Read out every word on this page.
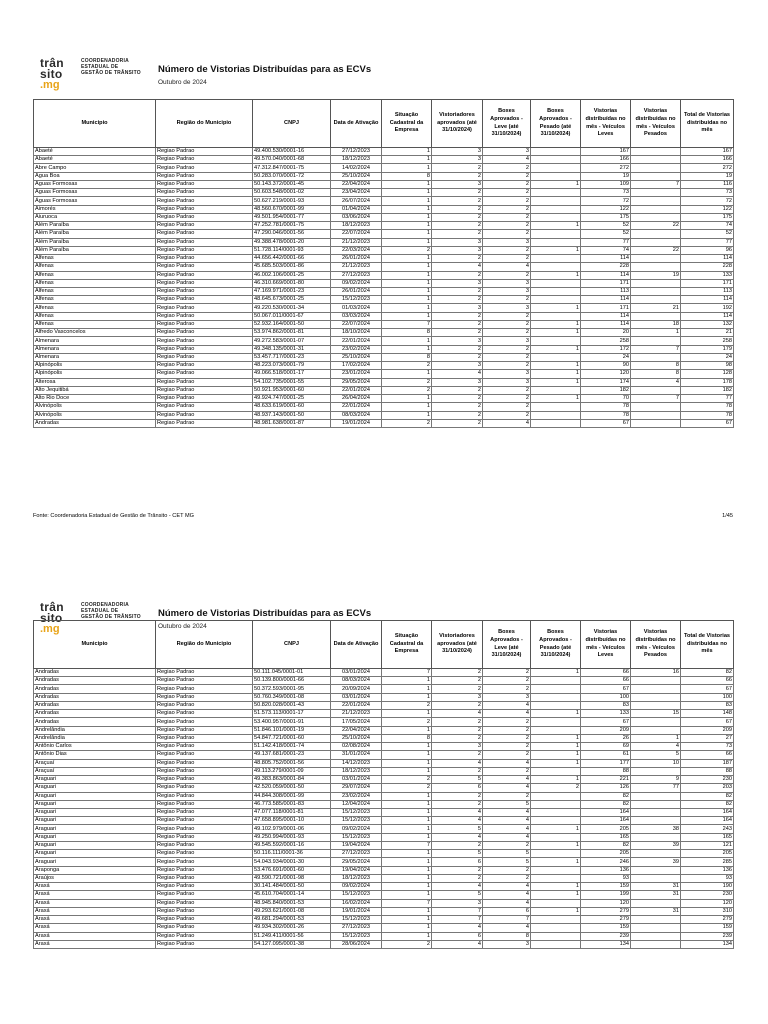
trân
sito
.mg
COORDENADORIA
ESTADUAL DE
GESTÃO DE TRÂNSITO Número de Vistorias Distribuídas para as ECVs
Outubro de 2024
Municipio	Região do Municipio	CNPJ	Data de Ativação	Situação Cadastral da Empresa	Vistoriadores aprovados (até 31/10/2024)	Boxes Aprovados - Leve (até 31/10/2024)	Boxes Aprovados - Pesado (até 31/10/2024)	Vistorias distribuídas no mês - Veículos Leves	Vistorias distribuidas no mês - Veículos Pesados	Total de Vistorias distribuidas no mês
Abaeté	Regiao Padrao	49.400.530/0001-16	27/12/2023	1	3	3		167		167
Abaeté	Regiao Padrao	49.570.040/0001-68	18/12/2023	1	3	4		166		166
Abre Campo	Regiao Padrao	47.312.847/0001-75	14/02/2024	1	2	2		272		272
Água Boa	Regiao Padrao	50.283.070/0001-72	25/10/2024	8	2	2		19		19
Águas Formosas	Regiao Padrao	50.143.372/0001-45	22/04/2024	1	3	2	1	109	7	116
Águas Formosas	Regiao Padrao	50.603.548/0001-02	23/04/2024	1	2	2		73		73
Águas Formosas	Regiao Padrao	50.627.219/0001-93	26/07/2024	1	2	2		72		72
Aimorés	Regiao Padrao	48.560.670/0001-99	01/04/2024	1	2	2		122		122
Aiuruoca	Regiao Padrao	49.501.954/0001-77	03/06/2024	1	2	2		175		175
Além Paraíba	Regiao Padrao	47.252.781/0001-75	18/12/2023	1	2	2	1	52	22	74
Além Paraíba	Regiao Padrao	47.290.046/0001-56	22/07/2024	1	2	2		52		52
Além Paraíba	Regiao Padrao	49.388.478/0001-20	21/12/2023	1	3	3		77		77
Além Paraíba	Regiao Padrao	51.728.114/0001-93	22/03/2024	2	3	2	1	74	22	96
Alfenas	Regiao Padrao	44.656.442/0001-66	26/01/2024	1	2	2		114		114
Alfenas	Regiao Padrao	45.685.503/0001-86	21/12/2023	1	4	4		228		228
Alfenas	Regiao Padrao	46.002.106/0001-25	27/12/2023	1	2	2	1	114	19	133
Alfenas	Regiao Padrao	46.310.669/0001-80	09/02/2024	1	3	3		171		171
Alfenas	Regiao Padrao	47.169.971/0001-23	26/01/2024	1	2	3		113		113
Alfenas	Regiao Padrao	48.645.673/0001-25	15/12/2023	1	2	2		114		114
Alfenas	Regiao Padrao	49.220.530/0001-34	01/03/2024	1	3	3	1	171	21	192
Alfenas	Regiao Padrao	50.067.011/0001-67	03/03/2024	1	2	2		114		114
Alfenas	Regiao Padrao	52.932.164/0001-50	22/07/2024	7	2	2	1	114	18	132
Alfredo Vasconcelos	Regiao Padrao	53.974.862/0001-81	18/10/2024	8	2	2	1	20	1	21
Almenara	Regiao Padrao	49.272.583/0001-07	22/01/2024	1	3	3		258		258
Almenara	Regiao Padrao	49.348.135/0001-31	23/02/2024	1	2	2	1	172	7	179
Almenara	Regiao Padrao	53.457.717/0001-23	25/10/2024	8	2	2		24		24
Alpinópolis	Regiao Padrao	48.223.073/0001-79	17/02/2024	2	3	2	1	90	8	98
Alpinópolis	Regiao Padrao	49.066.518/0001-17	23/01/2024	1	4	3	1	120	8	128
Alterosa	Regiao Padrao	54.102.735/0001-55	29/05/2024	2	3	3	1	174	4	178
Alto Jequitibá	Regiao Padrao	50.921.953/0001-60	22/01/2024	2	2	2		182		182
Alto Rio Doce	Regiao Padrao	49.924.747/0001-25	26/04/2024	1	2	2	1	70	7	77
Alvinópolis	Regiao Padrao	48.633.619/0001-60	22/01/2024	1	2	2		78		78
Alvinópolis	Regiao Padrao	48.937.143/0001-50	08/03/2024	1	2	2		78		78
Andradas	Regiao Padrao	48.981.638/0001-87	19/01/2024	2	2	4		67		67
Fonte: Coordenadoria Estadual de Gestão de Trânsito - CET MG	1/45
trân
sito
.mg
COORDENADORIA
ESTADUAL DE
GESTÃO DE TRÂNSITO Número de Vistorias Distribuídas para as ECVs
Outubro de 2024
Municipio	Região do Municipio	CNPJ	Data de Ativação	Situação Cadastral da Empresa	Vistoriadores aprovados (até 31/10/2024)	Boxes Aprovados - Leve (até 31/10/2024)	Boxes Aprovados - Pesado (até 31/10/2024)	Vistorias distribuídas no mês - Veículos Leves	Vistorias distribuidas no mês - Veículos Pesados	Total de Vistorias distribuidas no mês
Andradas	Regiao Padrao	50.111.045/0001-01	03/01/2024	7	2	2	1	66	16	82
Andradas	Regiao Padrao	50.139.800/0001-66	08/03/2024	1	2	2		66		66
Andradas	Regiao Padrao	50.372.593/0001-95	20/09/2024	1	2	2		67		67
Andradas	Regiao Padrao	50.760.349/0001-08	03/01/2024	1	3	3		100		100
Andradas	Regiao Padrao	50.820.028/0001-43	22/01/2024	2	2	4		83		83
Andradas	Regiao Padrao	51.573.113/0001-17	21/12/2023	1	4	4	1	133	15	148
Andradas	Regiao Padrao	53.400.957/0001-91	17/05/2024	2	2	2		67		67
Andrelândia	Regiao Padrao	51.846.101/0001-19	22/04/2024	1	2	2		209		209
Andrelândia	Regiao Padrao	54.847.721/0001-60	25/10/2024	8	2	2	1	26	1	27
Antônio Carlos	Regiao Padrao	51.142.418/0001-74	02/08/2024	1	3	2	1	69	4	73
Antônio Dias	Regiao Padrao	49.137.681/0001-23	31/01/2024	1	2	2	1	61	5	66
Araçuaí	Regiao Padrao	48.805.752/0001-56	14/12/2023	1	4	4	1	177	10	187
Araçuaí	Regiao Padrao	49.113.279/0001-09	18/12/2023	1	2	2		88		88
Araguari	Regiao Padrao	49.383.863/0001-84	03/01/2024	2	5	4	1	221	9	230
Araguari	Regiao Padrao	42.520.059/0001-50	29/07/2024	2	6	4	2	126	77	203
Araguari	Regiao Padrao	44.844.308/0001-99	23/02/2024	1	2	2		82		82
Araguari	Regiao Padrao	46.773.585/0001-83	12/04/2024	1	2	5		82		82
Araguari	Regiao Padrao	47.077.118/0001-81	15/12/2023	1	4	4		164		164
Araguari	Regiao Padrao	47.658.895/0001-10	15/12/2023	1	4	4		164		164
Araguari	Regiao Padrao	49.102.979/0001-06	09/02/2024	1	5	4	1	205	38	243
Araguari	Regiao Padrao	49.250.994/0001-93	15/12/2023	1	4	4		165		165
Araguari	Regiao Padrao	49.545.592/0001-16	19/04/2024	7	2	2	1	82	39	121
Araguari	Regiao Padrao	50.116.111/0001-36	27/12/2023	1	5	5		205		205
Araguari	Regiao Padrao	54.043.934/0001-30	29/05/2024	1	6	5	1	246	39	285
Araponga	Regiao Padrao	53.476.691/0001-60	19/04/2024	1	2	2		136		136
Araújos	Regiao Padrao	49.590.721/0001-98	18/12/2023	1	2	2		93		93
Araxá	Regiao Padrao	30.141.484/0001-50	09/02/2024	1	4	4	1	159	31	190
Araxá	Regiao Padrao	45.610.704/0001-14	15/12/2023	1	5	4	1	199	31	230
Araxá	Regiao Padrao	48.945.840/0001-53	16/02/2024	7	3	4		120		120
Araxá	Regiao Padrao	49.293.621/0001-08	19/01/2024	1	7	6	1	279	31	310
Araxá	Regiao Padrao	49.681.294/0001-53	15/12/2023	1	7	7		279		279
Araxá	Regiao Padrao	49.934.302/0001-26	27/12/2023	1	4	4		159		159
Araxá	Regiao Padrao	51.249.411/0001-56	15/12/2023	1	6	8		239		239
Araxá	Regiao Padrao	54.127.095/0001-38	28/06/2024	2	4	3		134		134
